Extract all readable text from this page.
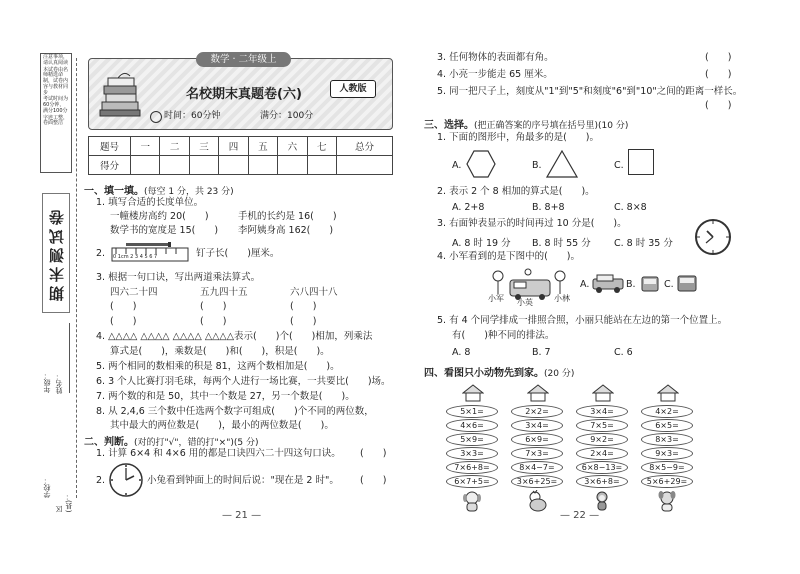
注意事项，请认真阅读
本试卷由名师精选命制，试卷内容与教材同步
考试时间为60分钟，满分100分
字迹工整，卷面整洁
期末测试卷
年级： 姓名：
学校：
区(县)：
数学 · 二年级上
名校期末真题卷(六)	人教版
时间：60分钟	满分：100分
题号	一	二	三	四	五	六	七	总分
得分								
一、填一填。(每空 1 分，共 23 分)
1. 填写合适的长度单位。
一幢楼房高约 20(　　)	手机的长约是 16(　　)
数学书的宽度是 15(　　) 李阿姨身高 162(　　)
2. 0 1cm 2 3 4 5 6 7	钉子长(　　)厘米。
3. 根据一句口诀，写出两道乘法算式。
四六二十四	五九四十五	六八四十八
(　　)	(　　)	(　　)
(　　)	(　　)	(　　)
4. △△△△ △△△△ △△△△ △△△△表示(　　)个(　　)相加，列乘法
算式是(　　)，乘数是(　　)和(　　)，积是(　　)。
5. 两个相同的数相乘的积是 81，这两个数相加是(　　)。
6. 3 个人比赛打羽毛球，每两个人进行一场比赛，一共要比(　　)场。
7. 两个数的和是 50，其中一个数是 27，另一个数是(　　)。
8. 从 2,4,6 三个数中任选两个数字可组成(　　)个不同的两位数，
其中最大的两位数是(　　)，最小的两位数是(　　)。
二、判断。(对的打"√"，错的打"×")(5 分)
1. 计算 6×4 和 4×6 用的都是口诀四六二十四这句口诀。 (　　)
2.	小兔看到钟面上的时间后说："现在是 2 时"。 (　　)
— 21 —
3. 任何物体的表面都有角。	(　　)
4. 小亮一步能走 65 厘米。	(　　)
5. 同一把尺子上，刻度从"1"到"5"和刻度"6"到"10"之间的距离一样长。
(　　)
三、选择。(把正确答案的序号填在括号里)(10 分)
1. 下面的图形中，角最多的是(　　)。
A.	B.	C.
2. 表示 2 个 8 相加的算式是(　　)。
A. 2+8	B. 8+8	C. 8×8
3. 右面钟表显示的时间再过 10 分是(　　)。
A. 8 时 19 分 B. 8 时 55 分 C. 8 时 35 分
4. 小军看到的是下图中的(　　)。
小军 小英	小林
A.	B.	C.
5. 有 4 个同学排成一排照合照，小丽只能站在左边的第一个位置上。
有(　　)种不同的排法。
A. 8	B. 7	C. 6
四、看图只小动物先到家。(20 分)
5×1=
4×6=
5×9=
3×3=
7×6+8=
6×7+5=
2×2=
3×4=
6×9=
7×3=
8×4−7=
3×6+25=
3×4=
7×5=
9×2=
2×4=
6×8−13=
3×6+8=
4×2=
6×5=
8×3=
9×3=
8×5−9=
5×6+29=
— 22 —
